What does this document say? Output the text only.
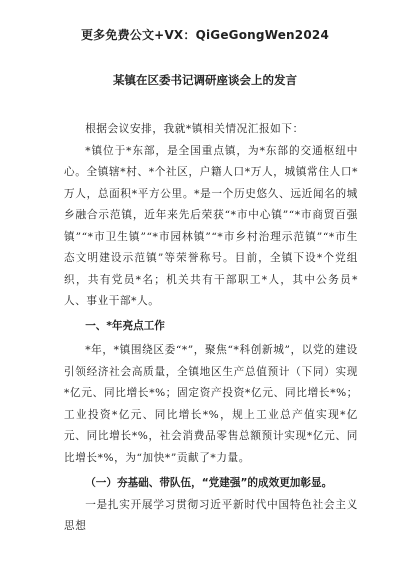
更多免费公文+VX：QiGeGongWen2024
某镇在区委书记调研座谈会上的发言

根据会议安排，我就*镇相关情况汇报如下：

*镇位于*东部，是全国重点镇，为*东部的交通枢纽中心。全镇辖*村、*个社区，户籍人口*万人，城镇常住人口*万人，总面积*平方公里。*是一个历史悠久、远近闻名的城乡融合示范镇，近年来先后荣获“*市中心镇”“*市商贸百强镇”“*市卫生镇”“*市园林镇”“*市乡村治理示范镇”“*市生态文明建设示范镇”等荣誉称号。目前，全镇下设*个党组织，共有党员*名；机关共有干部职工*人，其中公务员*人、事业干部*人。

一、*年亮点工作

*年，*镇围绕区委“*”，聚焦“*科创新城”，以党的建设引领经济社会高质量，全镇地区生产总值预计（下同）实现*亿元、同比增长*%；固定资产投资*亿元、同比增长*%；工业投资*亿元、同比增长*%，规上工业总产值实现*亿元、同比增长*%，社会消费品零售总额预计实现*亿元、同比增长*%，为“加快*”贡献了*力量。

（一）夯基础、带队伍，“党建强”的成效更加彰显。

一是扎实开展学习贯彻习近平新时代中国特色社会主义思想
